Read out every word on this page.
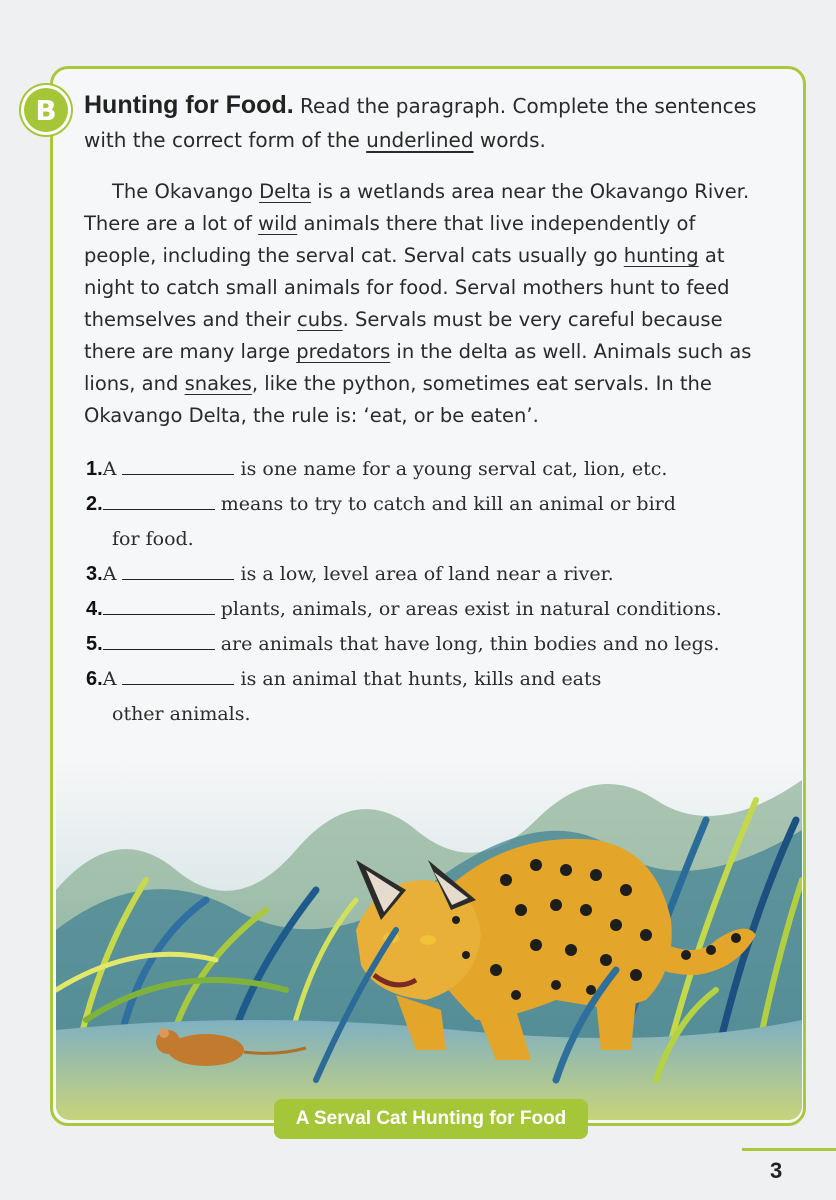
B	Hunting for Food. Read the paragraph. Complete the sentences with the correct form of the underlined words.

The Okavango Delta is a wetlands area near the Okavango River. There are a lot of wild animals there that live independently of people, including the serval cat. Serval cats usually go hunting at night to catch small animals for food. Serval mothers hunt to feed themselves and their cubs. Servals must be very careful because there are many large predators in the delta as well. Animals such as lions, and snakes, like the python, sometimes eat servals. In the Okavango Delta, the rule is: ‘eat, or be eaten’.

1.A	is one name for a young serval cat, lion, etc.
2.	means to try to catch and kill an animal or bird
for food.
3.A	is a low, level area of land near a river.
4.	plants, animals, or areas exist in natural conditions.
5.	are animals that have long, thin bodies and no legs.
6.A	is an animal that hunts, kills and eats
other animals.
A Serval Cat Hunting for Food
3
